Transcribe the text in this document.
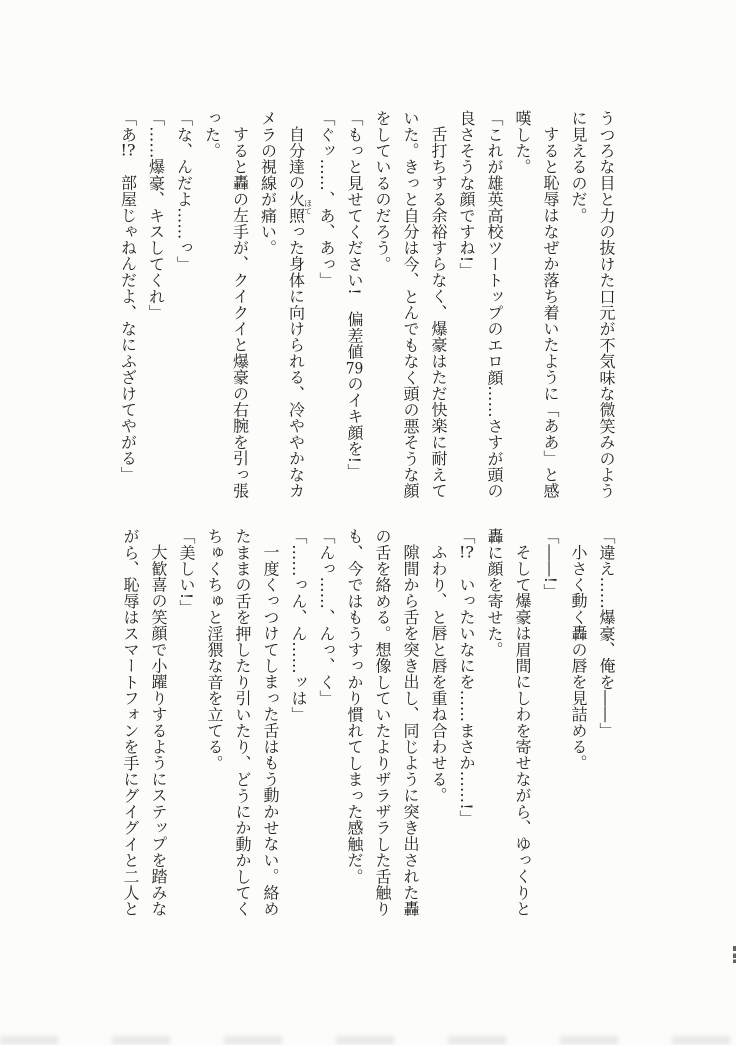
うつろな目と力の抜けた口元が不気味な微笑みのよう
に見えるのだ。
すると恥辱はなぜか落ち着いたように「ああ」と感
嘆した。
「これが雄英高校ツートップのエロ顔……さすが頭の
良さそうな顔ですね!」
舌打ちする余裕すらなく、爆豪はただ快楽に耐えて
いた。きっと自分は今、とんでもなく頭の悪そうな顔
をしているのだろう。
「もっと見せてください!　偏差値79のイキ顔を!」
「ぐッ……、あ、あっ」
自分達の火照ほてった身体に向けられる、冷ややかなカ
メラの視線が痛い。
すると轟の左手が、クイクイと爆豪の右腕を引っ張
った。
「な、んだよ……っ」
「……爆豪、キスしてくれ」
「あ!?　部屋じゃねんだよ、なにふざけてやがる」
「違え……爆豪、俺を――」
小さく動く轟の唇を見詰める。
「――!」
そして爆豪は眉間にしわを寄せながら、ゆっくりと
轟に顔を寄せた。
「!?　いったいなにを……まさか……!」
ふわり、と唇と唇を重ね合わせる。
隙間から舌を突き出し、同じように突き出された轟
の舌を絡める。想像していたよりザラザラした舌触り
も、今ではもうすっかり慣れてしまった感触だ。
「んっ……、んっ、く」
「……っん、ん……ッは」
一度くっつけてしまった舌はもう動かせない。絡め
たままの舌を押したり引いたり、どうにか動かしてく
ちゅくちゅと淫猥な音を立てる。
「美しい!」
大歓喜の笑顔で小躍りするようにステップを踏みな
がら、恥辱はスマートフォンを手にグイグイと二人と
